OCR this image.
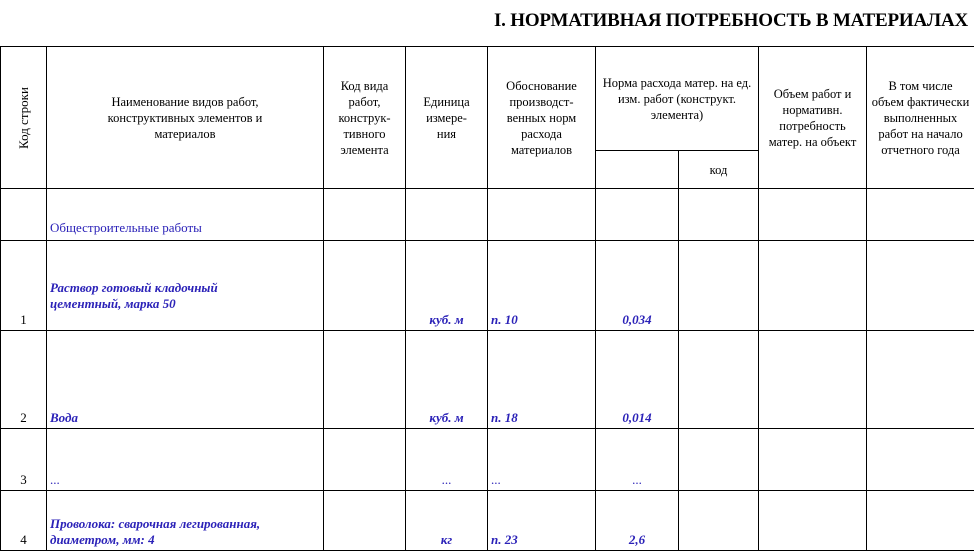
I. НОРМАТИВНАЯ ПОТРЕБНОСТЬ В МАТЕРИАЛАХ
Код строки	Наименование видов работ, конструктивных элементов и материалов	Код вида работ, конструк-тивного элемента	Единица измере-ния	Обоснование производст-венных норм расхода материалов	Норма расхода матер. на ед. изм. работ (конструкт. элемента)		Объем работ и нормативн. потребность матер. на объект	В том числе объем фактически выполненных работ на начало отчетного года

						код		
	Общестроительные работы							
1	Раствор готовый кладочный цементный, марка 50		куб. м	п. 10	0,034			
2	Вода		куб. м	п. 18	0,014			
3	...		...	...	...			
4	Проволока: сварочная легированная, диаметром, мм: 4		кг	п. 23	2,6			
